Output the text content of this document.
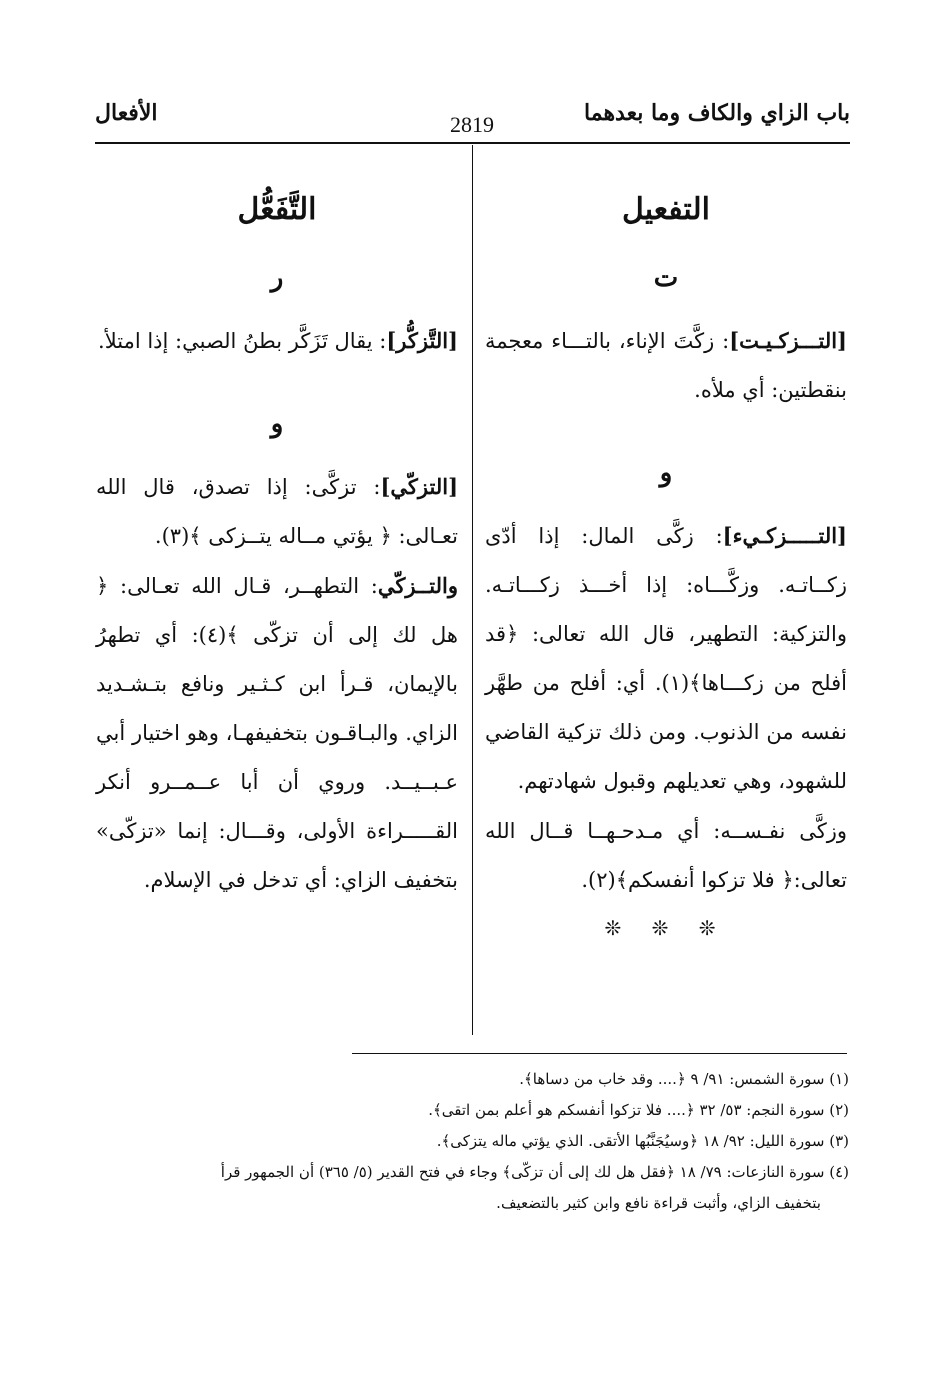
باب الزاي والكاف وما بعدهما
2819
الأفعال

التفعيل

ت

[التـــزكـيـت]: زكَّتَ الإناء، بالتـــاء معجمة بنقطتين: أي ملأه.

و

[التـــــزكـيء]: زكَّى المال: إذا أدّى زكــاتـه. وزكَّـــاه: إذا أخـــذ زكـــاتـه. والتزكية: التطهير، قال الله تعالى: ﴿قد أفلح من زكـــاها﴾(١). أي: أفلح من طهَّر نفسه من الذنوب. ومن ذلك تزكية القاضي للشهود، وهي تعديلهم وقبول شهادتهم.

وزكَّى نفـســه: أي مـدحـهــا قــال الله تعالى:﴿ فلا تزكوا أنفسكم﴾(٢).

❊ ❊ ❊

التَّفَعُّل

ر

[التَّزكُّر]: يقال تَزَكَّر بطنُ الصبي: إذا امتلأ.

و

[التزكّي]: تزكَّى: إذا تصدق، قال الله تعـالى: ﴿ يؤتي مــاله يتــزكى ﴾(٣).

والتــزكّي: التطهــر، قـال الله تعـالى: ﴿ هل لك إلى أن تزكّى ﴾(٤): أي تطهرُ بالإيمان، قـرأ ابن كـثـير ونافع بتـشـديد الزاي. والبـاقـون بتخفيفهـا، وهو اختيار أبي عـبــيــد. وروي أن أبا عــمــرو أنكر القـــــراءة الأولى، وقـــال: إنما «تزكّى» بتخفيف الزاي: أي تدخل في الإسلام.

(١) سورة الشمس: ٩١/ ٩ ﴿.... وقد خاب من دساها﴾.

(٢) سورة النجم: ٥٣/ ٣٢ ﴿.... فلا تزكوا أنفسكم هو أعلم بمن اتقى﴾.

(٣) سورة الليل: ٩٢/ ١٨ ﴿وسيُجَنَّبُها الأتقى. الذي يؤتي ماله يتزكى﴾.

(٤) سورة النازعات: ٧٩/ ١٨ ﴿فقل هل لك إلى أن تزكّى﴾ وجاء في فتح القدير (٥/ ٣٦٥) أن الجمهور قرأ

بتخفيف الزاي، وأثبت قراءة نافع وابن كثير بالتضعيف.
